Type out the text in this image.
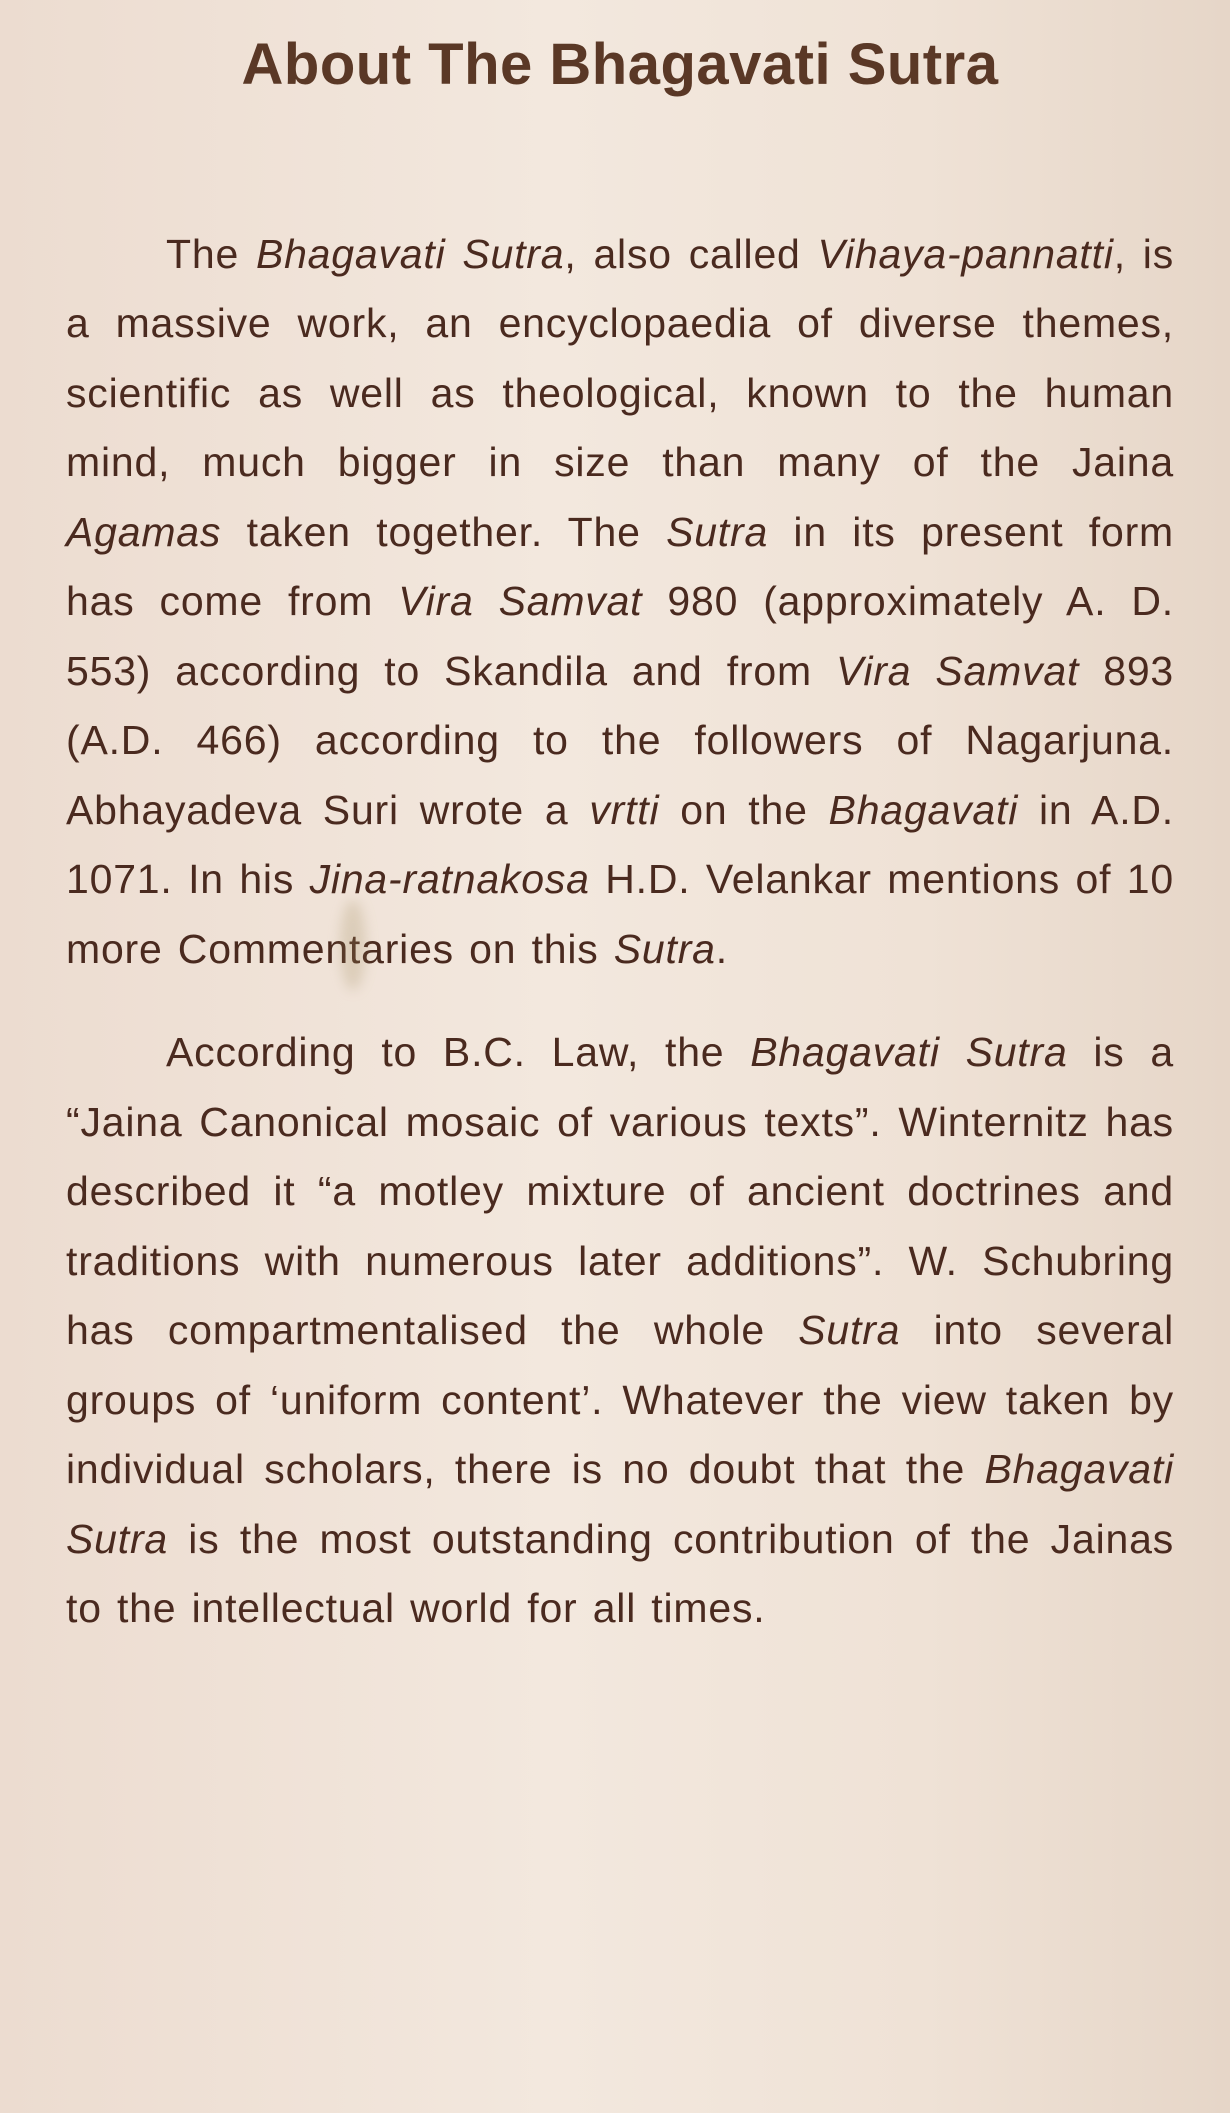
About The Bhagavati Sutra

The Bhagavati Sutra, also called Vihaya-pannatti, is a massive work, an encyclopaedia of diverse themes, scientific as well as theological, known to the human mind, much bigger in size than many of the Jaina Agamas taken together. The Sutra in its present form has come from Vira Samvat 980 (approximately A. D. 553) according to Skandila and from Vira Samvat 893 (A.D. 466) according to the followers of Nagarjuna. Abhayadeva Suri wrote a vrtti on the Bhagavati in A.D. 1071. In his Jina-ratnakosa H.D. Velankar mentions of 10 more Commentaries on this Sutra.

According to B.C. Law, the Bhagavati Sutra is a “Jaina Canonical mosaic of various texts”. Winternitz has described it “a motley mixture of ancient doctrines and traditions with numerous later additions”. W. Schubring has compartmentalised the whole Sutra into several groups of ‘uniform content’. Whatever the view taken by individual scholars, there is no doubt that the Bhagavati Sutra is the most outstanding contribution of the Jainas to the intellectual world for all times.
